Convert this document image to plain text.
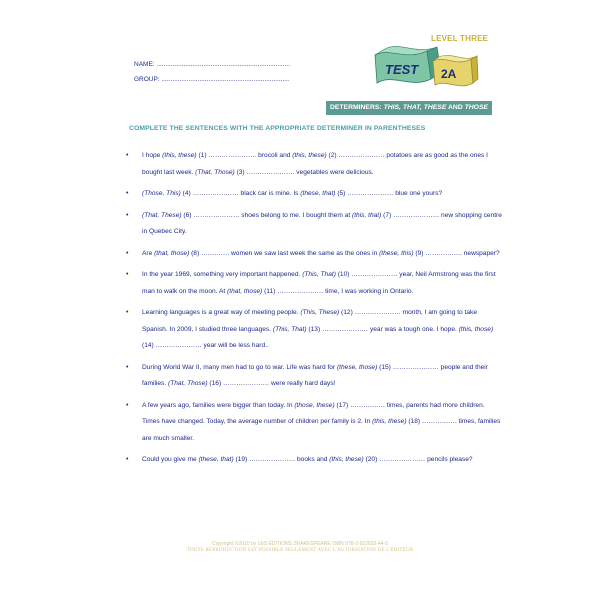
LEVEL THREE
NAME: ..........................................................................
GROUP: .......................................................................
TEST 2A
DETERMINERS: THIS, THAT, THESE AND THOSE
COMPLETE THE SENTENCES WITH THE APPROPRIATE DETERMINER IN PARENTHESES
• I hope (this, these) (1) …………………. brocoli and (this, these) (2) ………………… potatoes are as good as the ones I bought last week. (That, Those) (3) …………………. vegetables were delicious.
• (Those, This) (4) ………………… black car is mine. Is (these, that) (5) ………………… blue one yours?
• (That, These) (6) ………………… shoes belong to me. I bought them at (this, that) (7) ………………… new shopping centre in Quebec City.
• Are (that, those) (8) …………. women we saw last week the same as the ones in (these, this) (9) …………….. newspaper?
• In the year 1969, something very important happened. (This, That) (10) ………………… year, Neil Armstrong was the first man to walk on the moon. At (that, those) (11) ………………… time, I was working in Ontario.
• Learning languages is a great way of meeting people. (This, These) (12) ………………… month, I am going to take Spanish. In 2009, I studied three languages. (This, That) (13) ………………… year was a tough one. I hope. (this, those) (14) ………………… year will be less hard..
• During World War II, many men had to go to war. Life was hard for (these, those) (15) ………………… people and their families. (That, Those) (16) ………………… were really hard days!
• A few years ago, families were bigger than today. In (those, these) (17) ……………. times, parents had more children. Times have changed. Today, the average number of children per family is 2. In (this, these) (18) ……………. times, families are much smaller.
• Could you give me (these, that) (19) ………………… books and (this, these) (20) ………………… pencils please?
Copyright ©2010 by LES ÉDITIONS SHAKESPEARE ISBN 978-2-922832-44-5
TOUTE REPRODUCTION EST POSSIBLE SEULEMENT AVEC L'AUTORISATION DE L'ÉDITEUR
